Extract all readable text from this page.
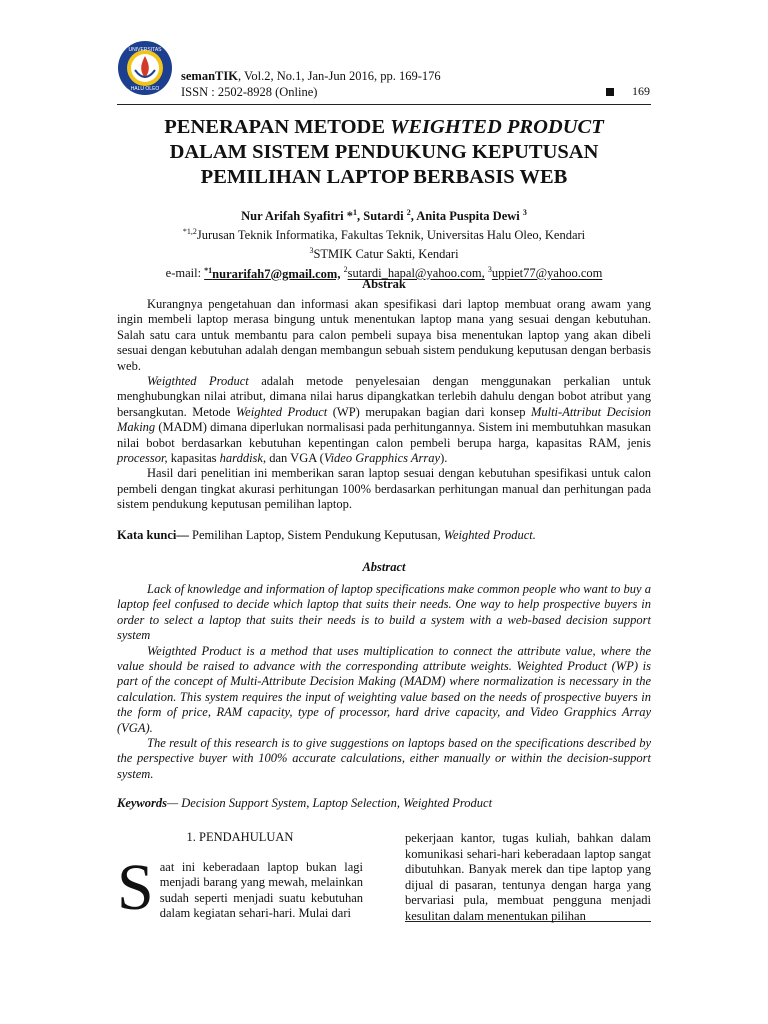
UNIVERSITAS
HALU OLEO
semanTIK, Vol.2, No.1, Jan-Jun 2016, pp. 169-176
ISSN : 2502-8928 (Online)	169
PENERAPAN METODE WEIGHTED PRODUCT
DALAM SISTEM PENDUKUNG KEPUTUSAN
PEMILIHAN LAPTOP BERBASIS WEB
Nur Arifah Syafitri *$^1$, Sutardi $^2$, Anita Puspita Dewi $^3$
$^{*1,2}$Jurusan Teknik Informatika, Fakultas Teknik, Universitas Halu Oleo, Kendari
$^3$STMIK Catur Sakti, Kendari
e-mail: $^{*1}$nurarifah7@gmail.com, $^2$sutardi_hapal@yahoo.com, $^3$uppiet77@yahoo.com
Abstrak

Kurangnya pengetahuan dan informasi akan spesifikasi dari laptop membuat orang awam yang ingin membeli laptop merasa bingung untuk menentukan laptop mana yang sesuai dengan kebutuhan. Salah satu cara untuk membantu para calon pembeli supaya bisa menentukan laptop yang akan dibeli sesuai dengan kebutuhan adalah dengan membangun sebuah sistem pendukung keputusan dengan berbasis web.

Weigthted Product adalah metode penyelesaian dengan menggunakan perkalian untuk menghubungkan nilai atribut, dimana nilai harus dipangkatkan terlebih dahulu dengan bobot atribut yang bersangkutan. Metode Weighted Product (WP) merupakan bagian dari konsep Multi-Attribut Decision Making (MADM) dimana diperlukan normalisasi pada perhitungannya. Sistem ini membutuhkan masukan nilai bobot berdasarkan kebutuhan kepentingan calon pembeli berupa harga, kapasitas RAM, jenis processor, kapasitas harddisk, dan VGA (Video Grapphics Array).

Hasil dari penelitian ini memberikan saran laptop sesuai dengan kebutuhan spesifikasi untuk calon pembeli dengan tingkat akurasi perhitungan 100% berdasarkan perhitungan manual dan perhitungan pada sistem pendukung keputusan pemilihan laptop.

Kata kunci— Pemilihan Laptop, Sistem Pendukung Keputusan, Weighted Product.
Abstract

Lack of knowledge and information of laptop specifications make common people who want to buy a laptop feel confused to decide which laptop that suits their needs. One way to help prospective buyers in order to select a laptop that suits their needs is to build a system with a web-based decision support system

Weigthted Product is a method that uses multiplication to connect the attribute value, where the value should be raised to advance with the corresponding attribute weights. Weighted Product (WP) is part of the concept of Multi-Attribute Decision Making (MADM) where normalization is necessary in the calculation. This system requires the input of weighting value based on the needs of prospective buyers in the form of price, RAM capacity, type of processor, hard drive capacity, and Video Grapphics Array (VGA).

The result of this research is to give suggestions on laptops based on the specifications described by the perspective buyer with 100% accurate calculations, either manually or within the decision-support system.

Keywords— Decision Support System, Laptop Selection, Weighted Product
1. PENDAHULUAN
S aat ini keberadaan laptop bukan lagi menjadi barang yang mewah, melainkan sudah seperti menjadi suatu kebutuhan dalam kegiatan sehari-hari. Mulai dari
pekerjaan kantor, tugas kuliah, bahkan dalam komunikasi sehari-hari keberadaan laptop sangat dibutuhkan. Banyak merek dan tipe laptop yang dijual di pasaran, tentunya dengan harga yang bervariasi pula, membuat pengguna menjadi kesulitan dalam menentukan pilihan
